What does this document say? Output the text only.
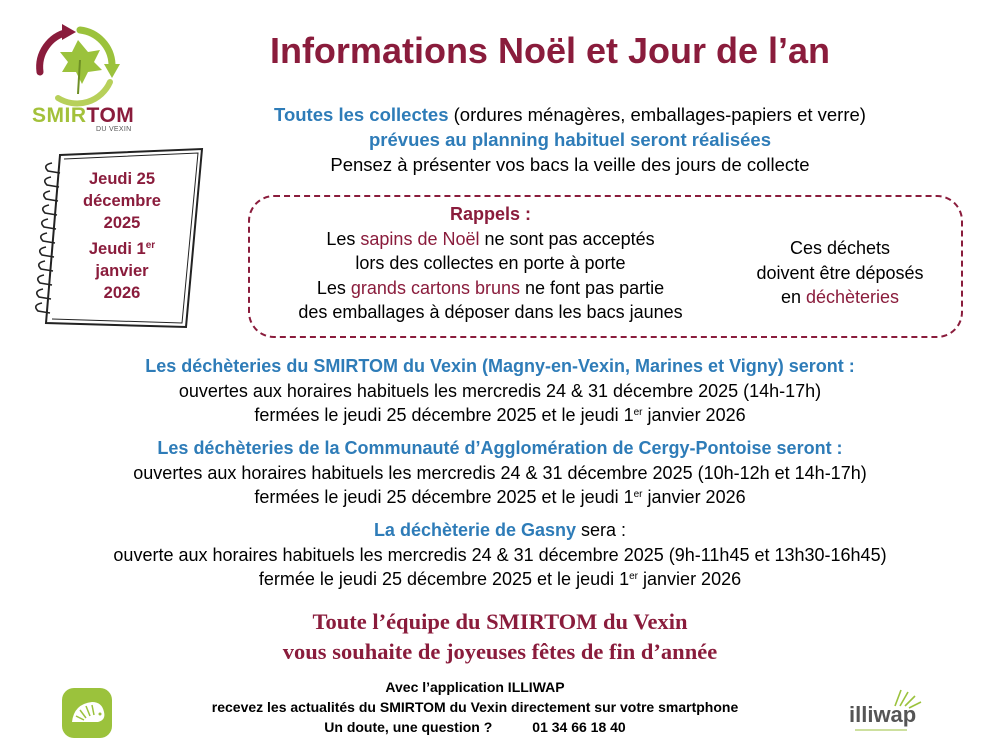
SMIRTOM
DU VEXIN
Informations Noël et Jour de l’an
Toutes les collectes (ordures ménagères, emballages-papiers et verre)
prévues au planning habituel seront réalisées
Pensez à présenter vos bacs la veille des jours de collecte
Jeudi 25
décembre
2025
Jeudi 1er
janvier
2026
Rappels :
Les sapins de Noël ne sont pas acceptés
lors des collectes en porte à porte
Les grands cartons bruns ne font pas partie
des emballages à déposer dans les bacs jaunes
Ces déchets
doivent être déposés
en déchèteries
Les déchèteries du SMIRTOM du Vexin (Magny-en-Vexin, Marines et Vigny) seront :
ouvertes aux horaires habituels les mercredis 24 & 31 décembre 2025 (14h-17h)
fermées le jeudi 25 décembre 2025 et le jeudi 1er janvier 2026
Les déchèteries de la Communauté d’Agglomération de Cergy-Pontoise seront :
ouvertes aux horaires habituels les mercredis 24 & 31 décembre 2025 (10h-12h et 14h-17h)
fermées le jeudi 25 décembre 2025 et le jeudi 1er janvier 2026
La déchèterie de Gasny sera :
ouverte aux horaires habituels les mercredis 24 & 31 décembre 2025 (9h-11h45 et 13h30-16h45)
fermée le jeudi 25 décembre 2025 et le jeudi 1er janvier 2026
Toute l’équipe du SMIRTOM du Vexin
vous souhaite de joyeuses fêtes de fin d’année
Avec l’application ILLIWAP
recevez les actualités du SMIRTOM du Vexin directement sur votre smartphone
Un doute, une question ?	01 34 66 18 40	illiwap
